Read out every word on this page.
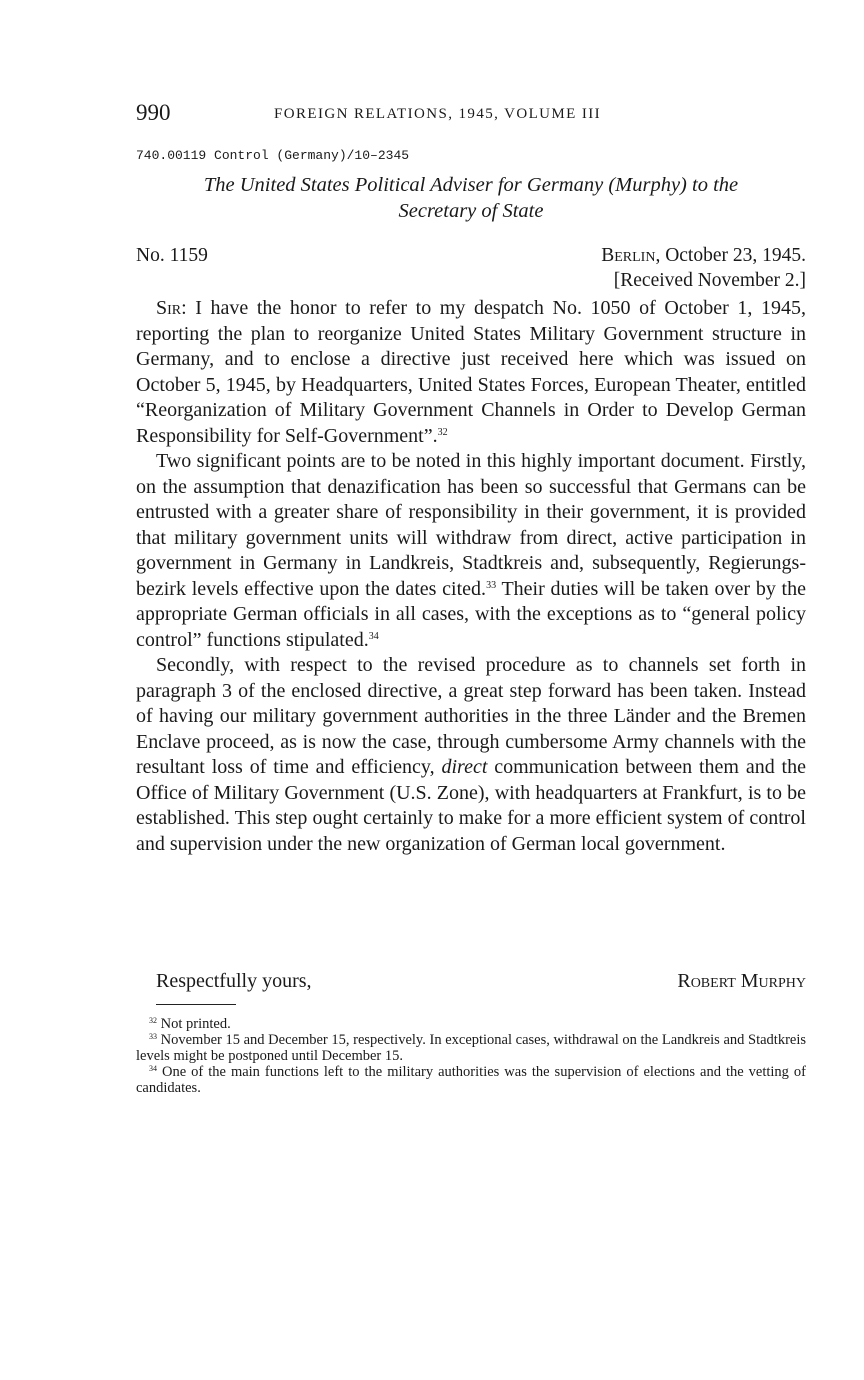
990	FOREIGN RELATIONS, 1945, VOLUME III
740.00119 Control (Germany)/10–2345
The United States Political Adviser for Germany (Murphy) to the
Secretary of State
No. 1159	Berlin, October 23, 1945.
[Received November 2.]

Sir: I have the honor to refer to my despatch No. 1050 of October 1, 1945, reporting the plan to reorganize United States Military Government structure in Germany, and to enclose a directive just received here which was issued on October 5, 1945, by Headquarters, United States Forces, European Theater, entitled “Reorganization of Military Government Channels in Order to Develop German Responsibility for Self-Government”.$^{32}$

Two significant points are to be noted in this highly important document. Firstly, on the assumption that denazification has been so successful that Germans can be entrusted with a greater share of responsibility in their government, it is provided that military government units will withdraw from direct, active participation in government in Germany in Landkreis, Stadtkreis and, subsequently, Regierungsbezirk levels effective upon the dates cited.$^{33}$ Their duties will be taken over by the appropriate German officials in all cases, with the exceptions as to “general policy control” functions stipulated.$^{34}$

Secondly, with respect to the revised procedure as to channels set forth in paragraph 3 of the enclosed directive, a great step forward has been taken. Instead of having our military government authorities in the three Länder and the Bremen Enclave proceed, as is now the case, through cumbersome Army channels with the resultant loss of time and efficiency, direct communication between them and the Office of Military Government (U.S. Zone), with headquarters at Frankfurt, is to be established. This step ought certainly to make for a more efficient system of control and supervision under the new organization of German local government.

Respectfully yours,	Robert Murphy

$^{32}$ Not printed.

$^{33}$ November 15 and December 15, respectively. In exceptional cases, withdrawal on the Landkreis and Stadtkreis levels might be postponed until December 15.

$^{34}$ One of the main functions left to the military authorities was the supervision of elections and the vetting of candidates.
